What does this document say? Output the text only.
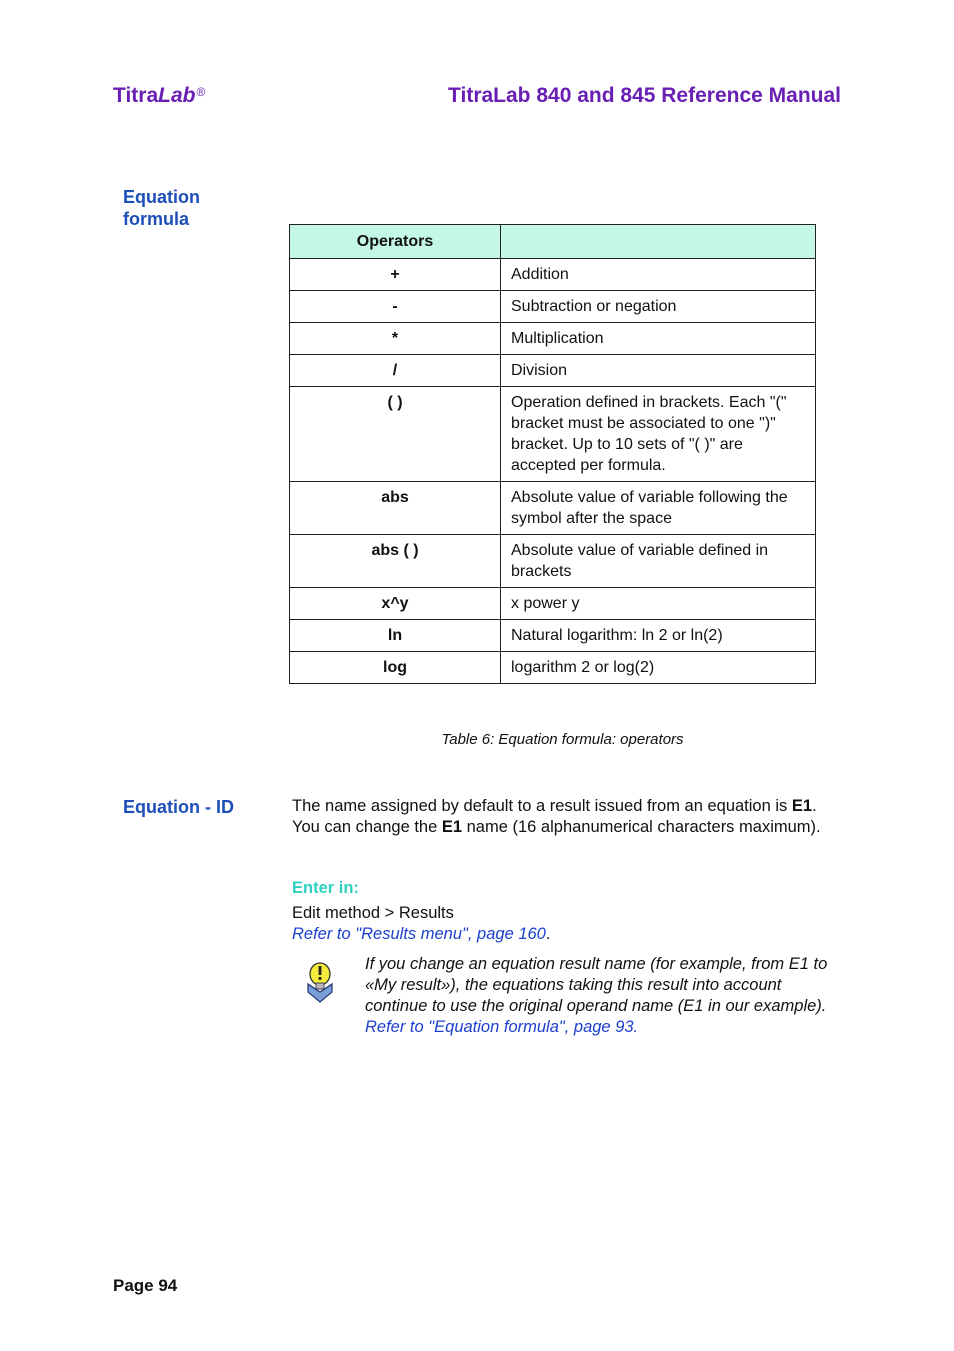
TitraLab®	TitraLab 840 and 845 Reference Manual
Equation
formula
Operators	
+	Addition
-	Subtraction or negation
*	Multiplication
/	Division
( )	Operation defined in brackets. Each "(" bracket must be associated to one ")" bracket. Up to 10 sets of "( )" are accepted per formula.
abs	Absolute value of variable following the symbol after the space
abs ( )	Absolute value of variable defined in brackets
x^y	x power y
ln	Natural logarithm: ln 2 or ln(2)
log	logarithm 2 or log(2)
Table 6: Equation formula: operators
Equation - ID	The name assigned by default to a result issued from an equation is E1. You can change the E1 name (16 alphanumerical characters maximum).
Enter in:
Edit method > Results
Refer to "Results menu", page 160.
If you change an equation result name (for example, from E1 to «My result»), the equations taking this result into account continue to use the original operand name (E1 in our example).
Refer to "Equation formula", page 93.
Page 94
